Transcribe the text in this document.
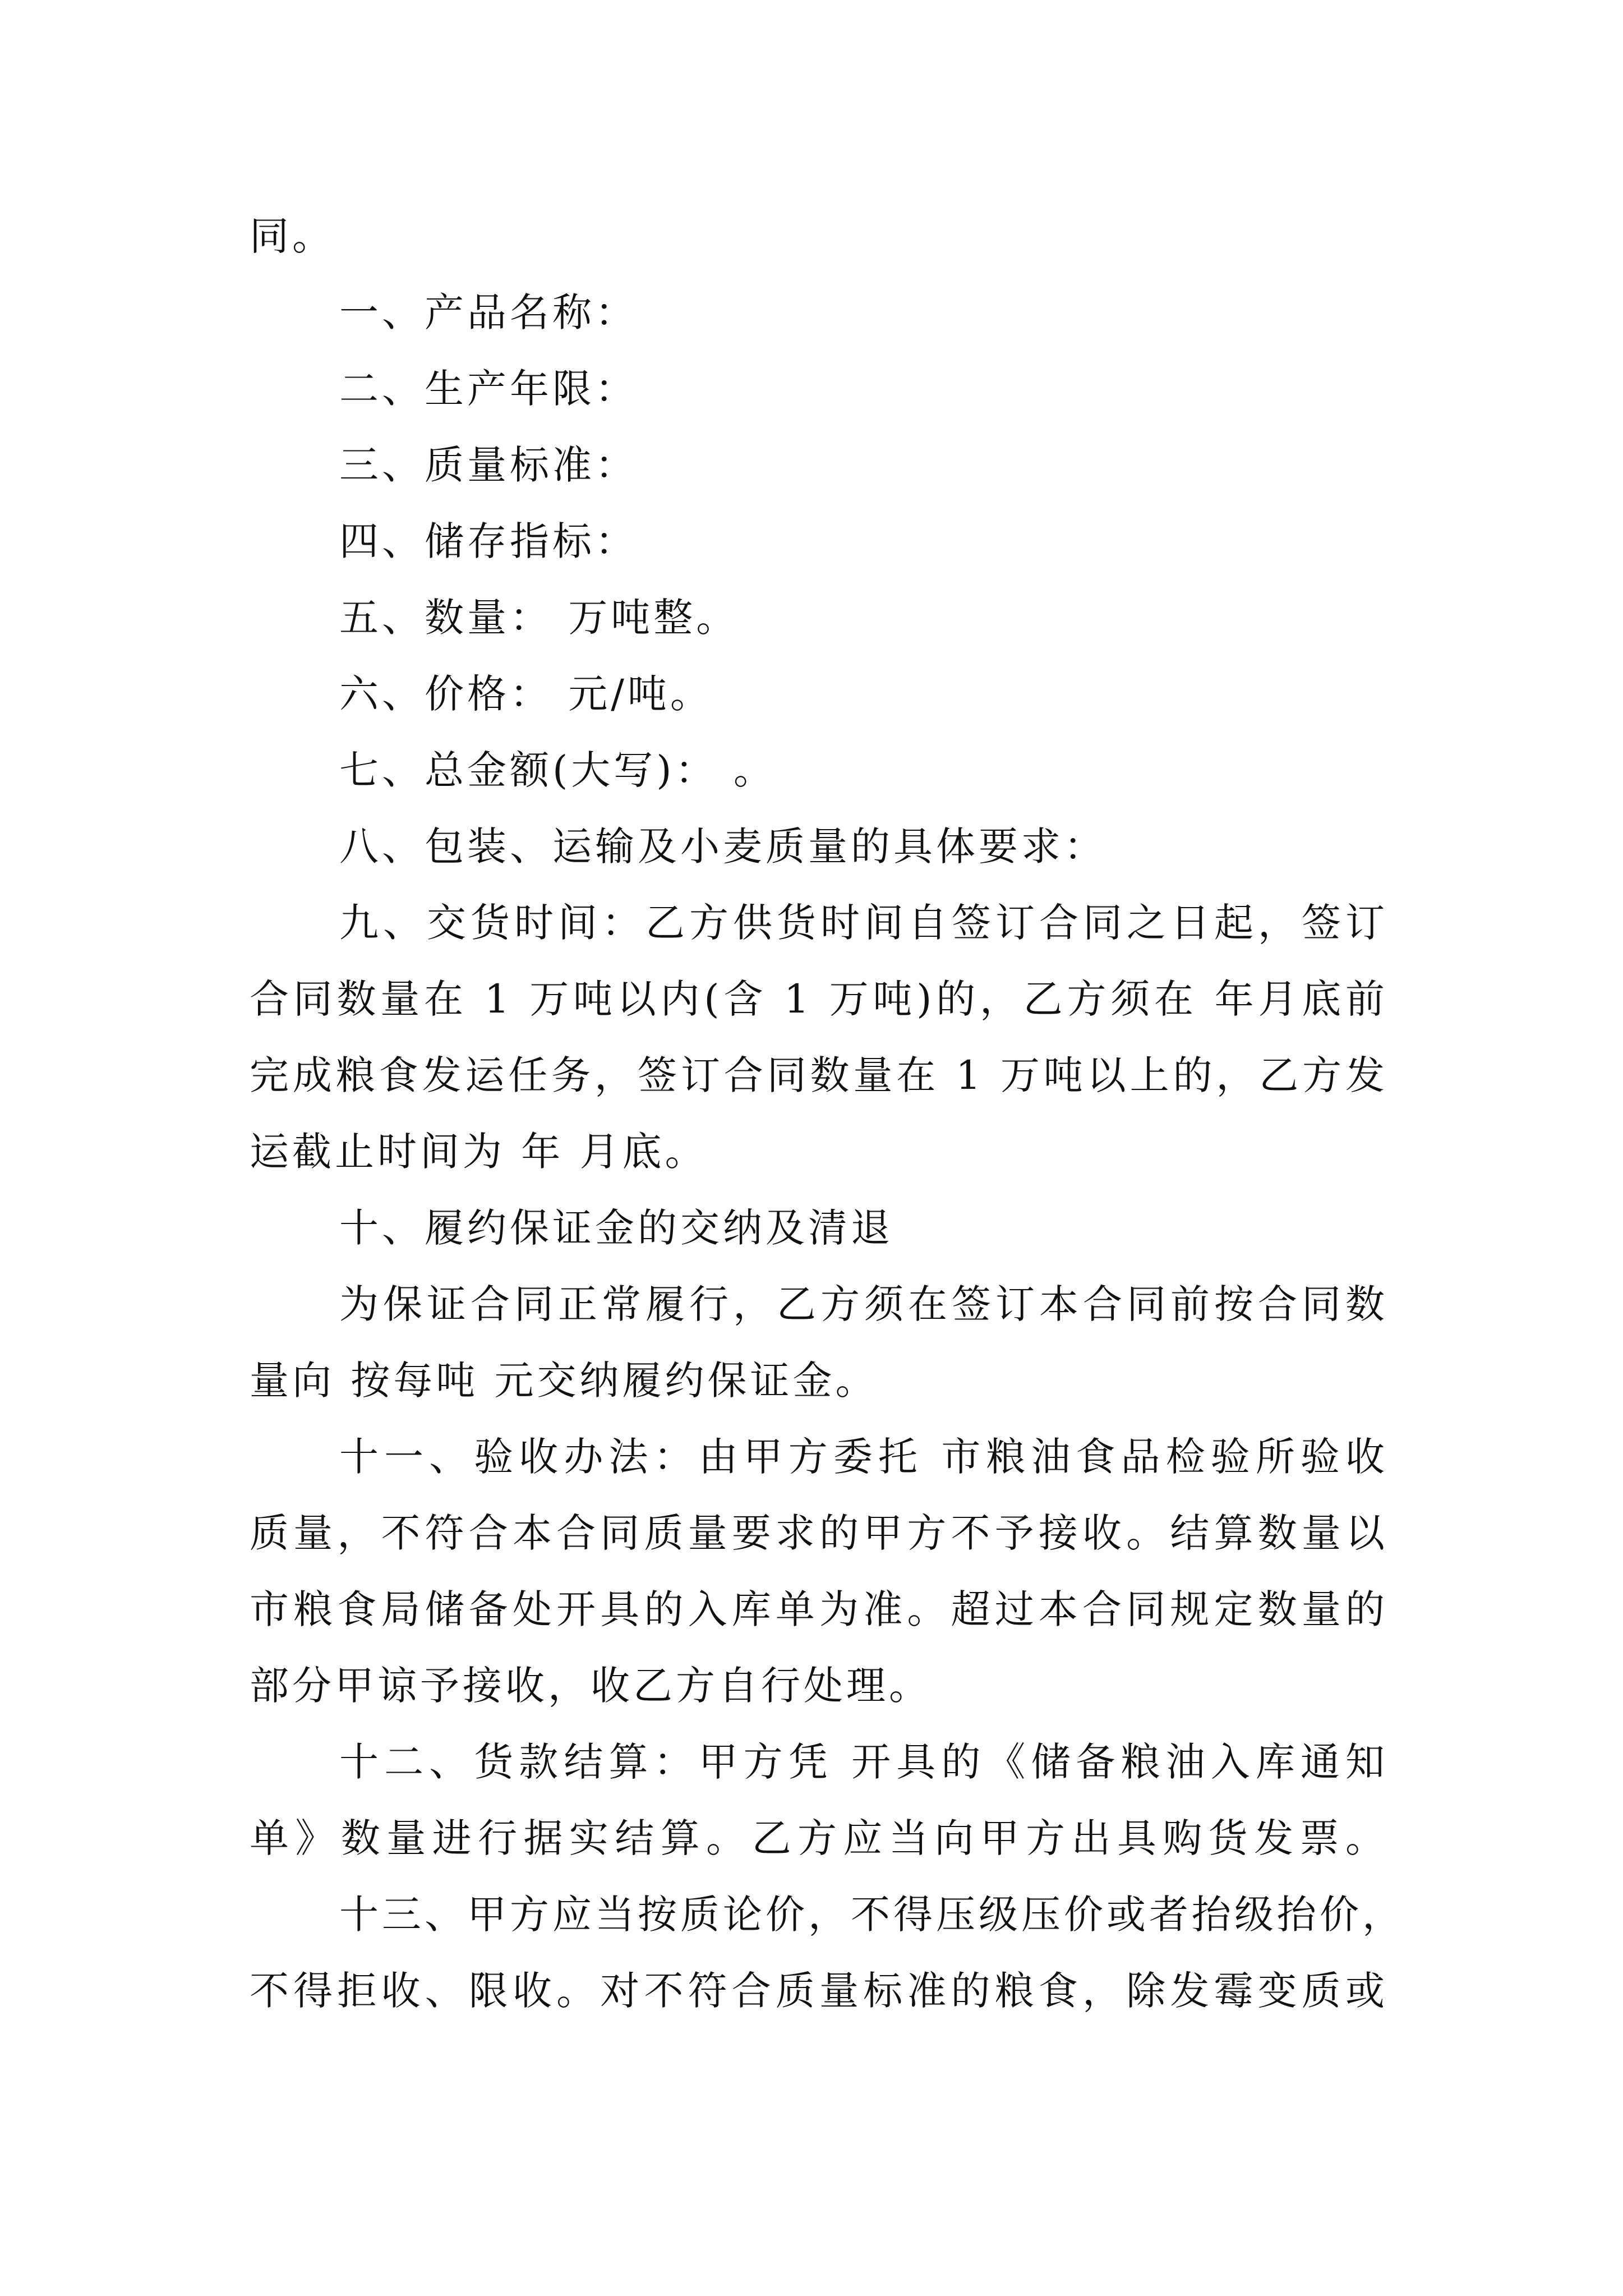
同。

一、产品名称：

二、生产年限：

三、质量标准：

四、储存指标：

五、数量： 万吨整。

六、价格： 元/吨。

七、总金额(大写)： 。

八、包装、运输及小麦质量的具体要求：

九、交货时间：乙方供货时间自签订合同之日起，签订

合同数量在 1 万吨以内(含 1 万吨)的，乙方须在 年月底前

完成粮食发运任务，签订合同数量在 1 万吨以上的，乙方发

运截止时间为 年 月底。

十、履约保证金的交纳及清退

为保证合同正常履行，乙方须在签订本合同前按合同数

量向 按每吨 元交纳履约保证金。

十一、验收办法：由甲方委托 市粮油食品检验所验收

质量，不符合本合同质量要求的甲方不予接收。结算数量以

市粮食局储备处开具的入库单为准。超过本合同规定数量的

部分甲谅予接收，收乙方自行处理。

十二、货款结算：甲方凭 开具的《储备粮油入库通知

单》数量进行据实结算。乙方应当向甲方出具购货发票。

十三、甲方应当按质论价，不得压级压价或者抬级抬价，

不得拒收、限收。对不符合质量标准的粮食，除发霉变质或
